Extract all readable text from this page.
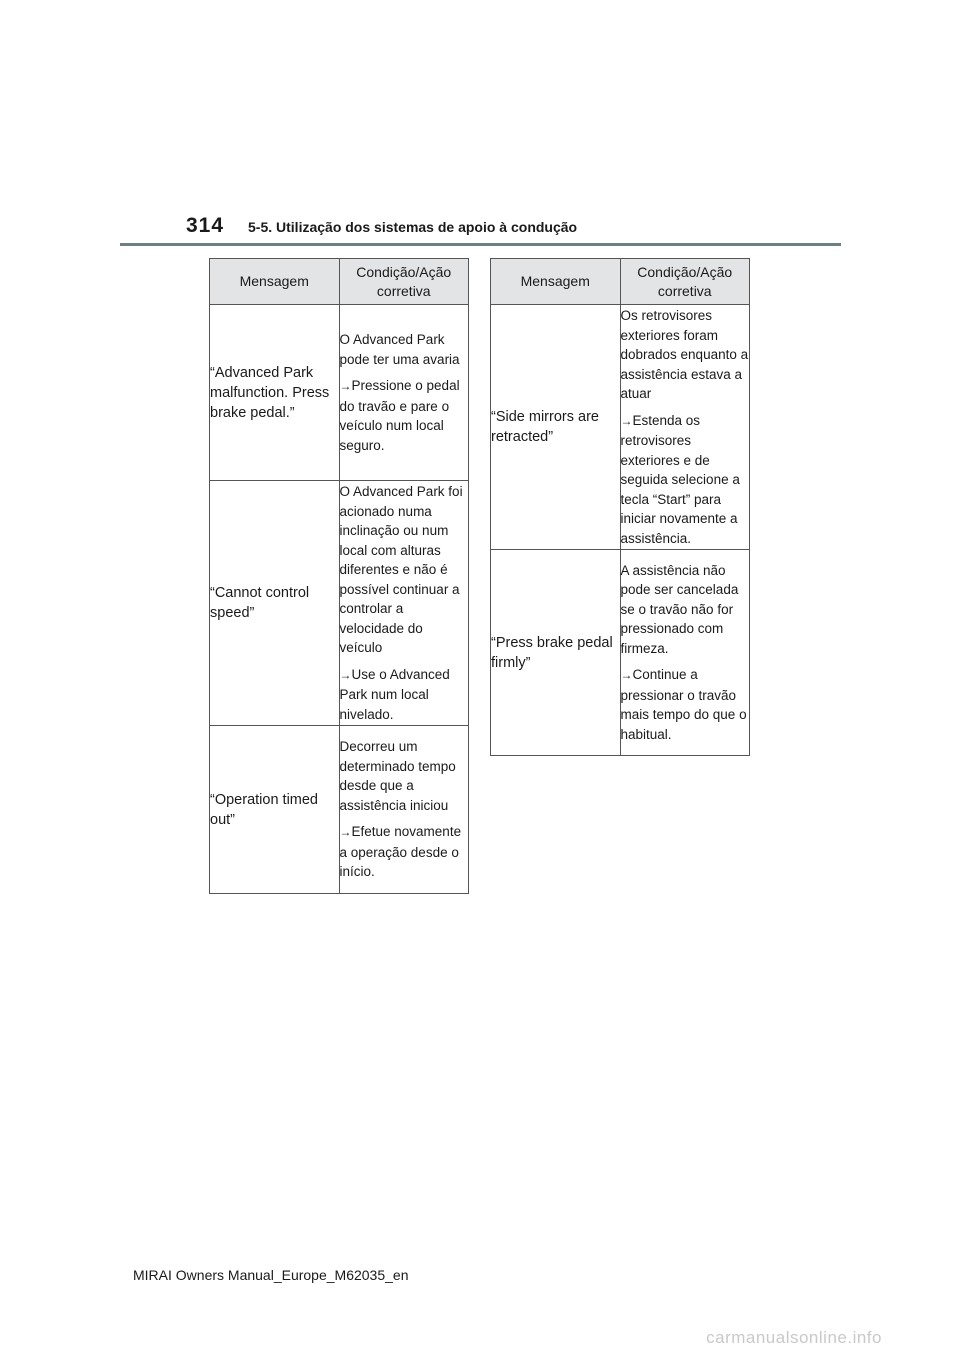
314 5-5. Utilização dos sistemas de apoio à condução
Mensagem	Condição/Ação corretiva
“Advanced Park malfunction. Press brake pedal.”	O Advanced Park pode ter uma avaria

→Pressione o pedal do travão e pare o veículo num local seguro.

“Cannot control speed”	O Advanced Park foi acionado numa inclinação ou num local com alturas diferentes e não é possível continuar a controlar a velocidade do veículo

→Use o Advanced Park num local nivelado.

“Operation timed out”	Decorreu um determinado tempo desde que a assistência iniciou

→Efetue novamente a operação desde o início.

Mensagem	Condição/Ação corretiva
“Side mirrors are retracted”	Os retrovisores exteriores foram dobrados enquanto a assistência estava a atuar

→Estenda os retrovisores exteriores e de seguida selecione a tecla “Start” para iniciar novamente a assistência.

“Press brake pedal firmly”	A assistência não pode ser cancelada se o travão não for pressionado com firmeza.

→Continue a pressionar o travão mais tempo do que o habitual.

MIRAI Owners Manual_Europe_M62035_en
carmanualsonline.info
